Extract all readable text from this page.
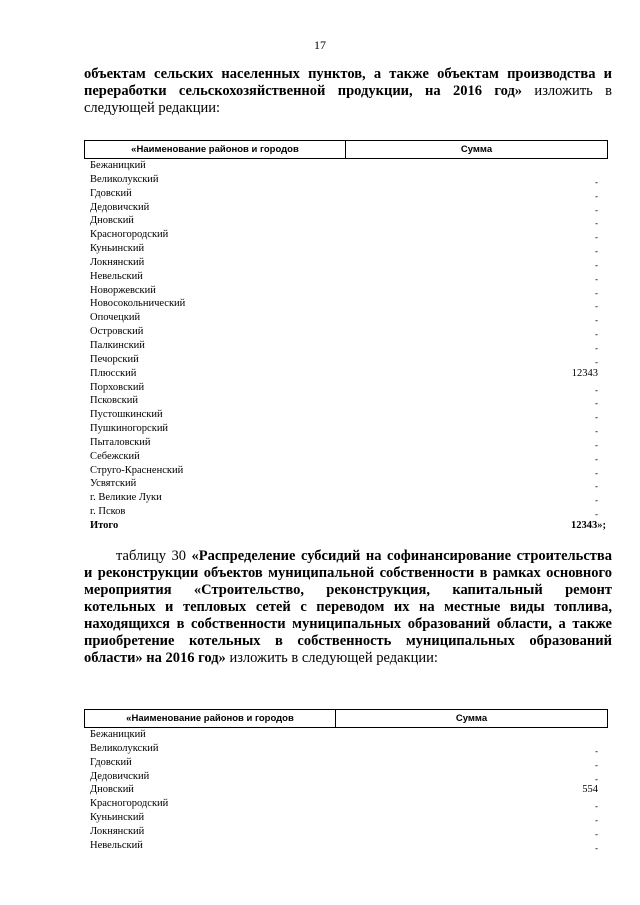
17
объектам сельских населенных пунктов, а также объектам производства и переработки сельскохозяйственной продукции, на 2016 год» изложить в следующей редакции:
«Наименование районов и городов	Сумма
Бежаницкий
Великолукский	-
Гдовский	-
Дедовичский	-
Дновский	-
Красногородский	-
Куньинский	-
Локнянский	-
Невельский	-
Новоржевский	-
Новосокольнический	-
Опочецкий	-
Островский	-
Палкинский	-
Печорский	-
Плюсский	12343
Порховский	-
Псковский	-
Пустошкинский	-
Пушкиногорский	-
Пыталовский	-
Себежский	-
Струго-Красненский	-
Усвятский	-
г. Великие Луки	-
г. Псков	-
Итого	12343»;
таблицу 30 «Распределение субсидий на софинансирование строительства и реконструкции объектов муниципальной собственности в рамках основного мероприятия «Строительство, реконструкция, капитальный ремонт котельных и тепловых сетей с переводом их на местные виды топлива, находящихся в собственности муниципальных образований области, а также приобретение котельных в собственность муниципальных образований области» на 2016 год» изложить в следующей редакции:
«Наименование районов и городов	Сумма
Бежаницкий
Великолукский	-
Гдовский	-
Дедовичский	-
Дновский	554
Красногородский	-
Куньинский	-
Локнянский	-
Невельский	-
